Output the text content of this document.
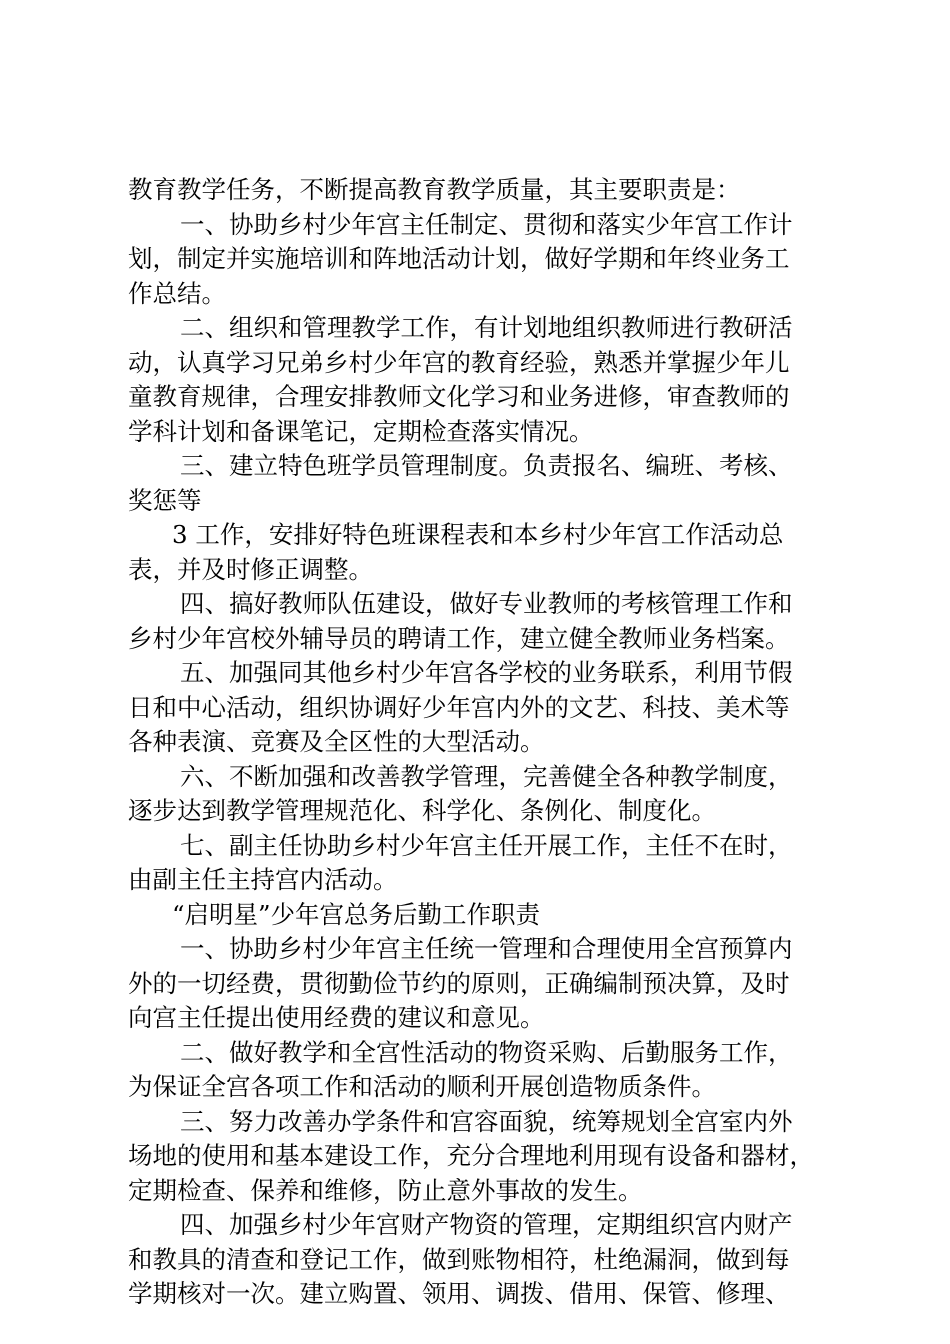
教育教学任务，不断提高教育教学质量，其主要职责是：
一、协助乡村少年宫主任制定、贯彻和落实少年宫工作计
划，制定并实施培训和阵地活动计划，做好学期和年终业务工
作总结。
二、组织和管理教学工作，有计划地组织教师进行教研活
动，认真学习兄弟乡村少年宫的教育经验，熟悉并掌握少年儿
童教育规律，合理安排教师文化学习和业务进修，审查教师的
学科计划和备课笔记，定期检查落实情况。
三、建立特色班学员管理制度。负责报名、编班、考核、
奖惩等
3 工作，安排好特色班课程表和本乡村少年宫工作活动总
表，并及时修正调整。
四、搞好教师队伍建设，做好专业教师的考核管理工作和
乡村少年宫校外辅导员的聘请工作，建立健全教师业务档案。
五、加强同其他乡村少年宫各学校的业务联系，利用节假
日和中心活动，组织协调好少年宫内外的文艺、科技、美术等
各种表演、竞赛及全区性的大型活动。
六、不断加强和改善教学管理，完善健全各种教学制度，
逐步达到教学管理规范化、科学化、条例化、制度化。
七、副主任协助乡村少年宫主任开展工作，主任不在时，
由副主任主持宫内活动。
“启明星”少年宫总务后勤工作职责
一、协助乡村少年宫主任统一管理和合理使用全宫预算内
外的一切经费，贯彻勤俭节约的原则，正确编制预决算，及时
向宫主任提出使用经费的建议和意见。
二、做好教学和全宫性活动的物资采购、后勤服务工作，
为保证全宫各项工作和活动的顺利开展创造物质条件。
三、努力改善办学条件和宫容面貌，统筹规划全宫室内外
场地的使用和基本建设工作，充分合理地利用现有设备和器材，
定期检查、保养和维修，防止意外事故的发生。
四、加强乡村少年宫财产物资的管理，定期组织宫内财产
和教具的清查和登记工作，做到账物相符，杜绝漏洞，做到每
学期核对一次。建立购置、领用、调拨、借用、保管、修理、
